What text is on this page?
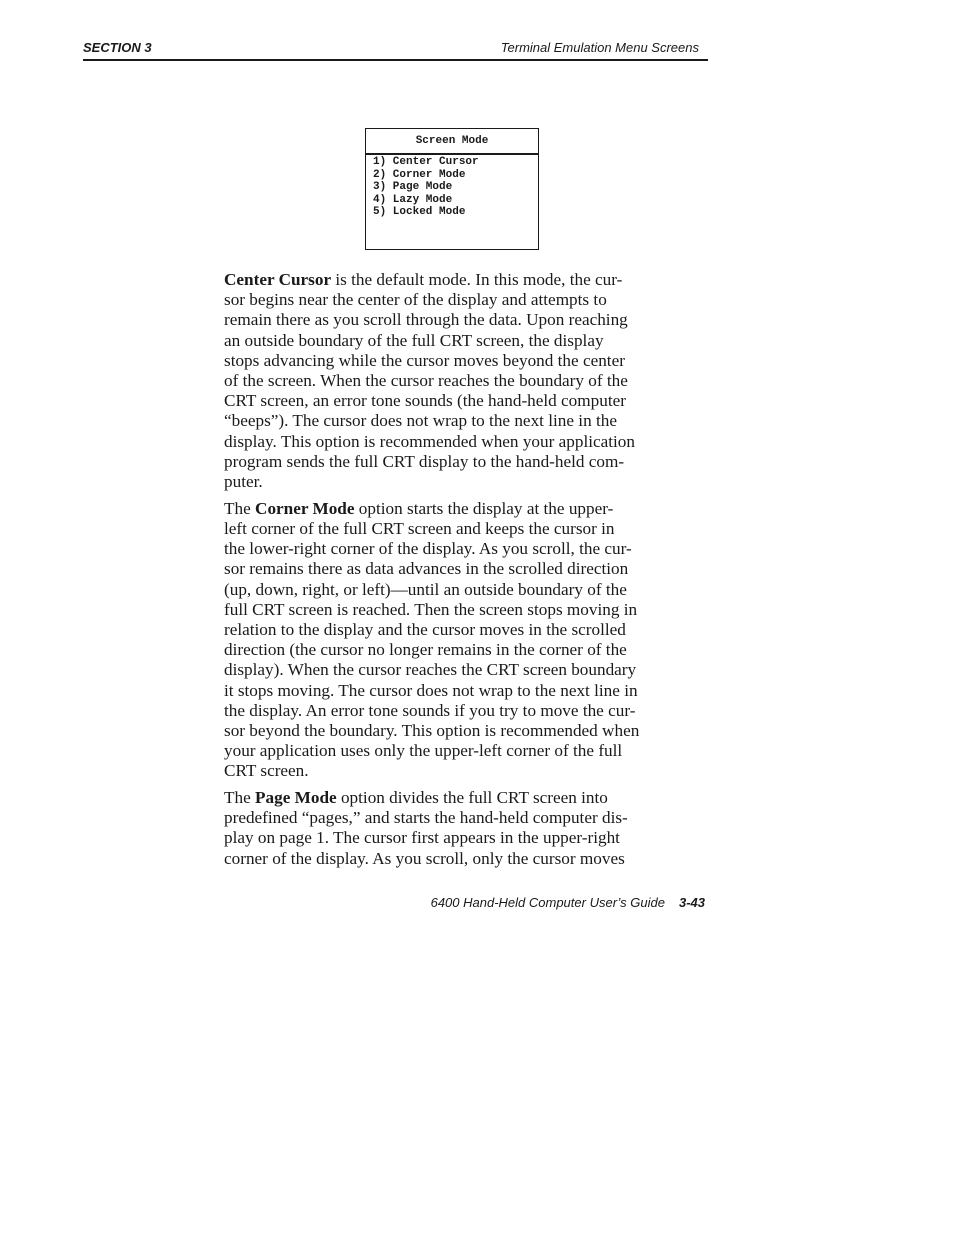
SECTION 3	Terminal Emulation Menu Screens
Screen Mode
1) Center Cursor
2) Corner Mode
3) Page Mode
4) Lazy Mode
5) Locked Mode

Center Cursor is the default mode. In this mode, the cur-
sor begins near the center of the display and attempts to
remain there as you scroll through the data. Upon reaching
an outside boundary of the full CRT screen, the display
stops advancing while the cursor moves beyond the center
of the screen. When the cursor reaches the boundary of the
CRT screen, an error tone sounds (the hand-held computer
“beeps”). The cursor does not wrap to the next line in the
display. This option is recommended when your application
program sends the full CRT display to the hand-held com-
puter.

The Corner Mode option starts the display at the upper-
left corner of the full CRT screen and keeps the cursor in
the lower-right corner of the display. As you scroll, the cur-
sor remains there as data advances in the scrolled direction
(up, down, right, or left)—until an outside boundary of the
full CRT screen is reached. Then the screen stops moving in
relation to the display and the cursor moves in the scrolled
direction (the cursor no longer remains in the corner of the
display). When the cursor reaches the CRT screen boundary
it stops moving. The cursor does not wrap to the next line in
the display. An error tone sounds if you try to move the cur-
sor beyond the boundary. This option is recommended when
your application uses only the upper-left corner of the full
CRT screen.

The Page Mode option divides the full CRT screen into
predefined “pages,” and starts the hand-held computer dis-
play on page 1. The cursor first appears in the upper-right
corner of the display. As you scroll, only the cursor moves

6400 Hand-Held Computer User’s Guide 3-43
